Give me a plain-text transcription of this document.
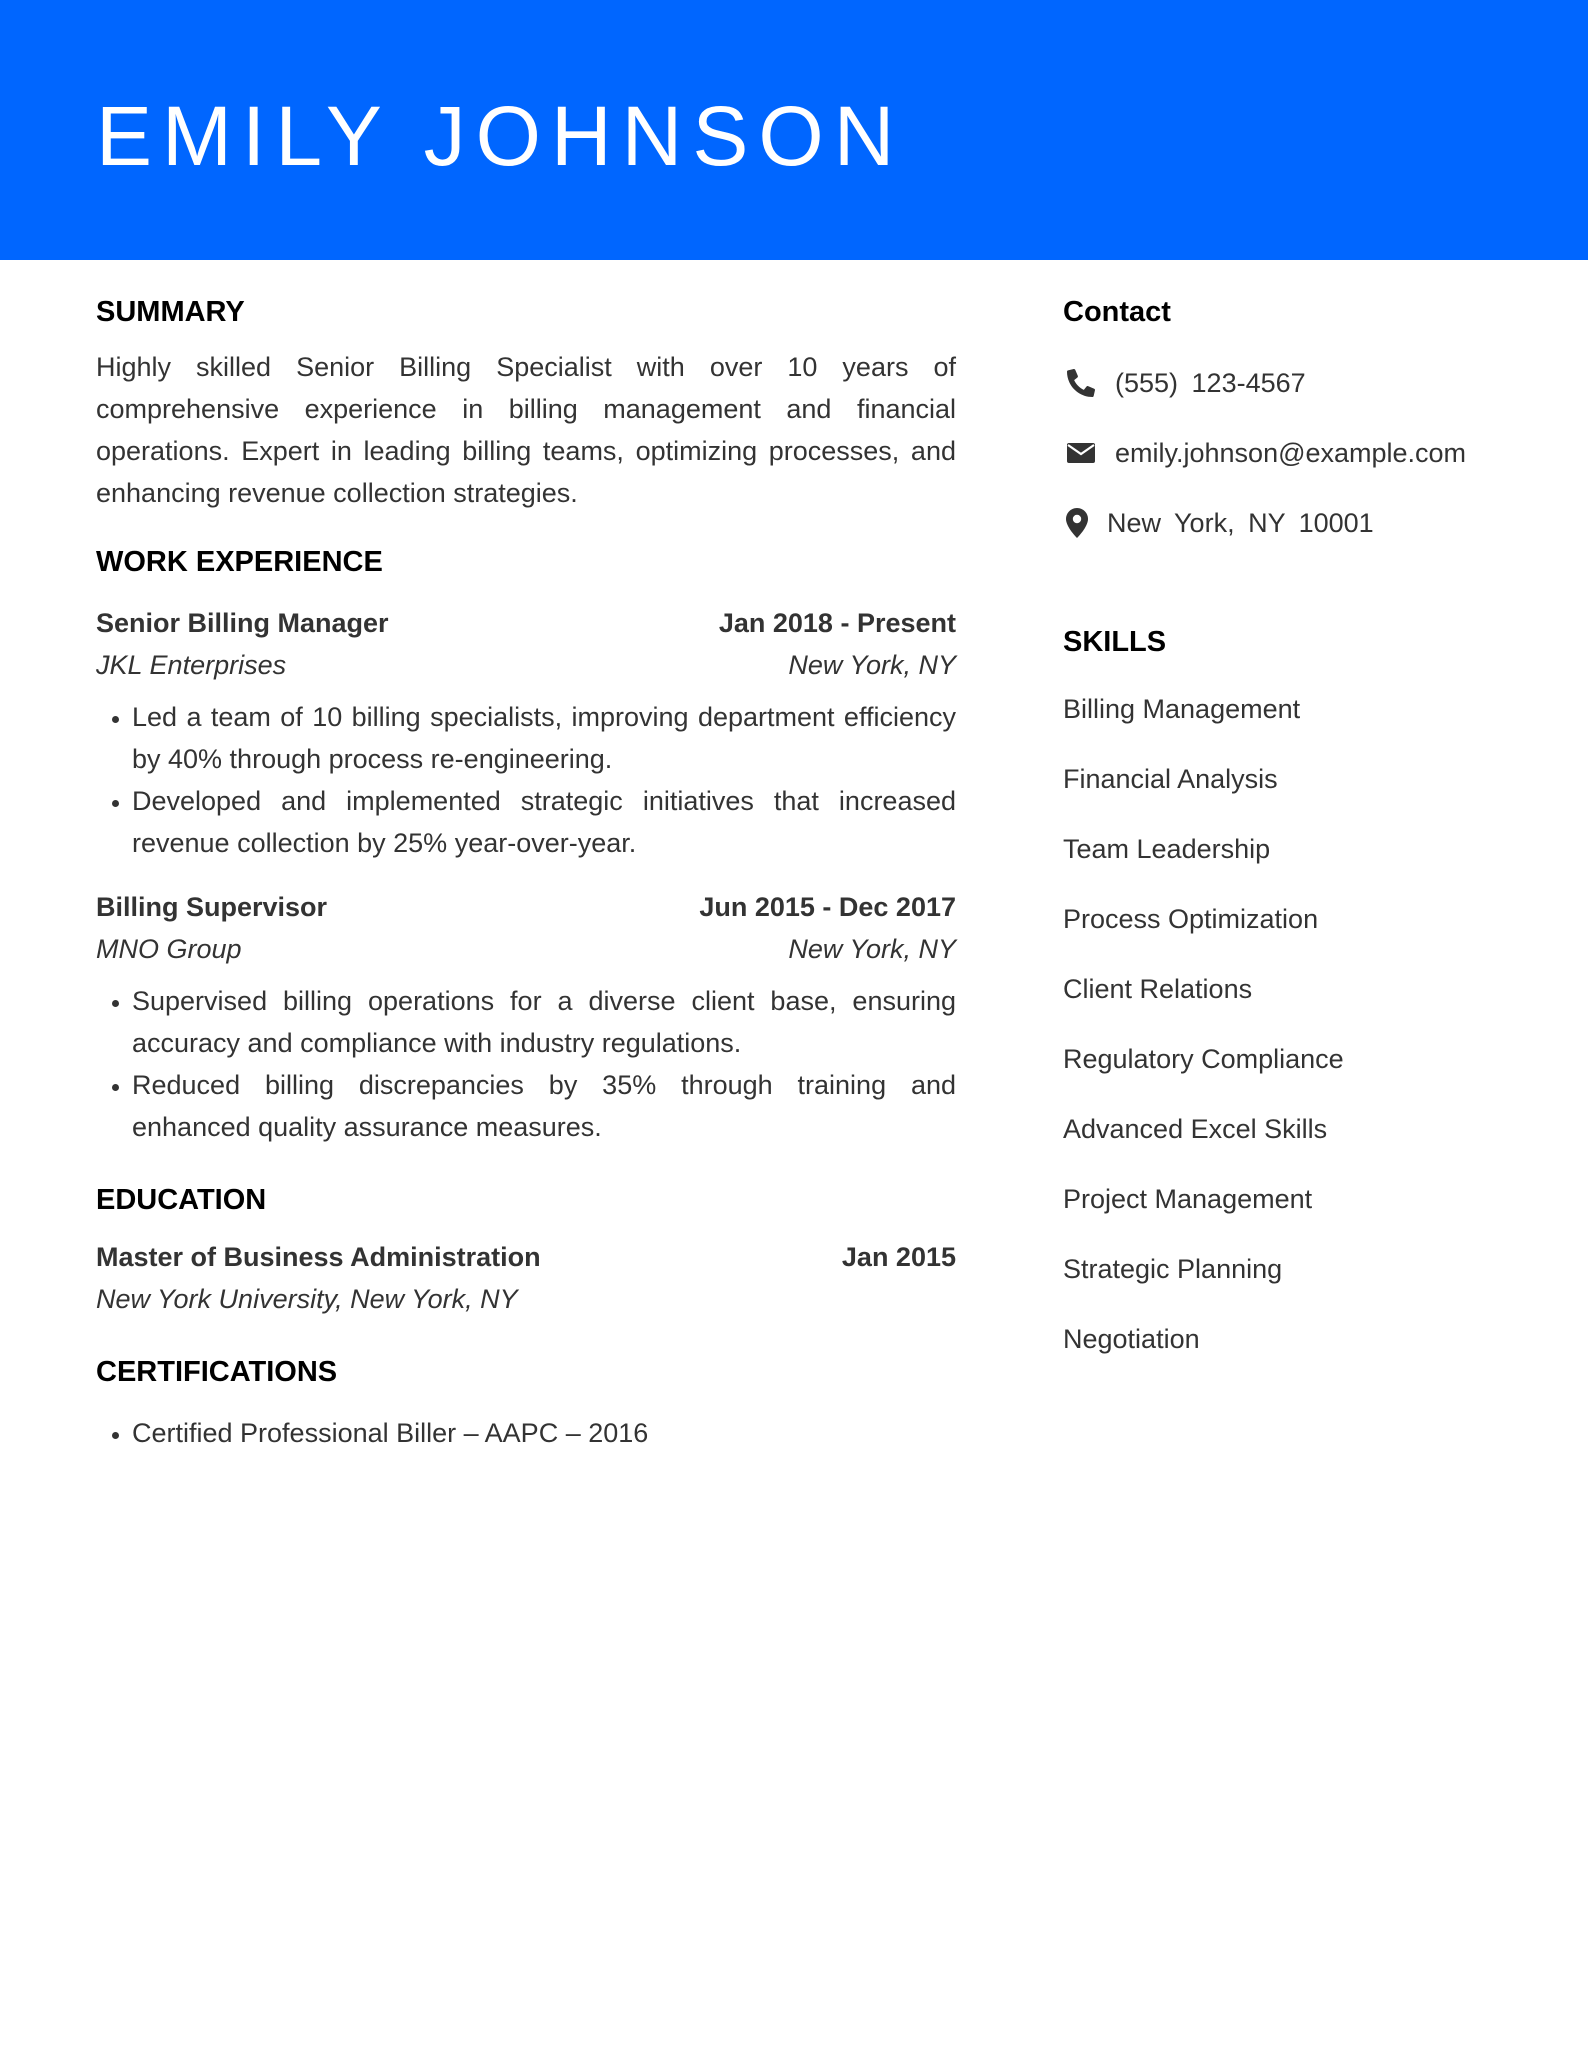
EMILY JOHNSON
SUMMARY

Highly skilled Senior Billing Specialist with over 10 years of comprehensive experience in billing management and financial operations. Expert in leading billing teams, optimizing processes, and enhancing revenue collection strategies.

WORK EXPERIENCE
Senior Billing Manager	Jan 2018 - Present
JKL Enterprises	New York, NY
• Led a team of 10 billing specialists, improving department efficiency by 40% through process re-engineering.
• Developed and implemented strategic initiatives that increased revenue collection by 25% year-over-year.
Billing Supervisor	Jun 2015 - Dec 2017
MNO Group	New York, NY
• Supervised billing operations for a diverse client base, ensuring accuracy and compliance with industry regulations.
• Reduced billing discrepancies by 35% through training and enhanced quality assurance measures.
EDUCATION
Master of Business Administration	Jan 2015
New York University, New York, NY
CERTIFICATIONS
• Certified Professional Biller – AAPC – 2016
Contact
(555) 123-4567
emily.johnson@example.com
New York, NY 10001
SKILLS
Billing Management
Financial Analysis
Team Leadership
Process Optimization
Client Relations
Regulatory Compliance
Advanced Excel Skills
Project Management
Strategic Planning
Negotiation
